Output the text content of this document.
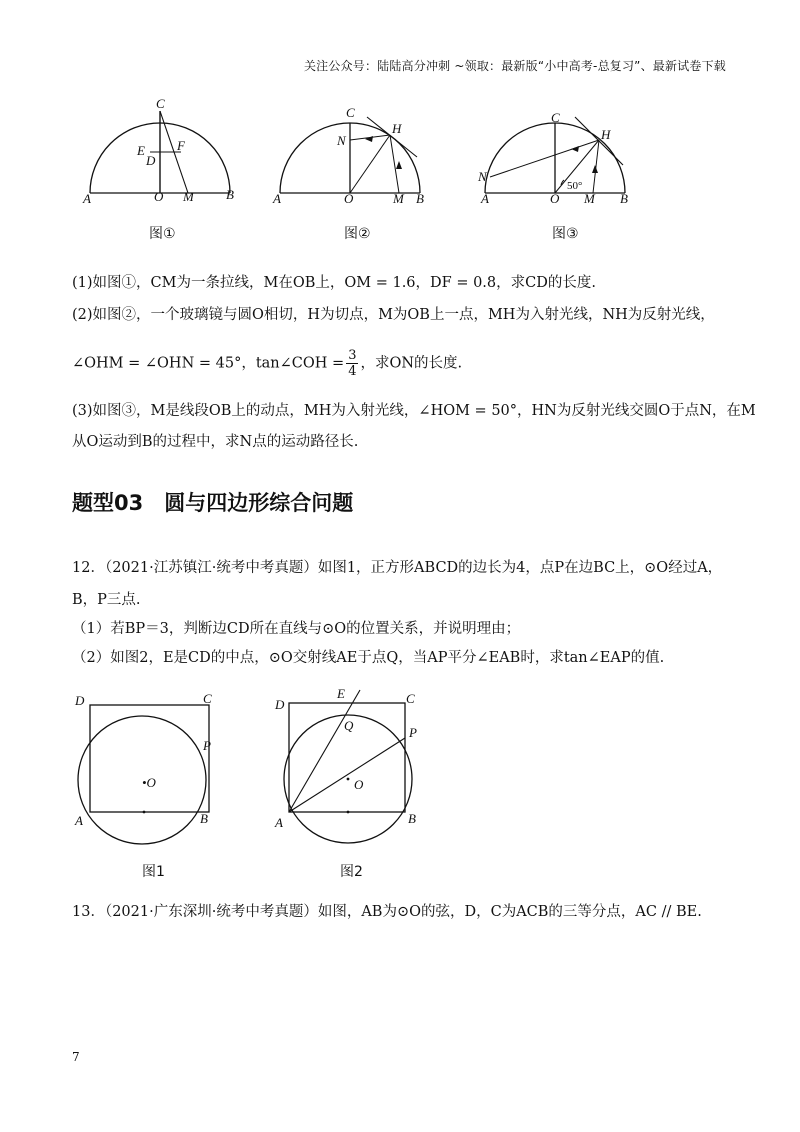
关注公众号：陆陆高分冲刺 ~领取：最新版“小中高考-总复习”、最新试卷下载
C
E
D
F
A	O M B
图①
C
N
H
A	O	M B
图②
C
H
N
50°
A	O M B
图③
(1)如图①，CM为一条拉线，M在OB上，OM = 1.6，DF = 0.8，求CD的长度.
(2)如图②，一个玻璃镜与圆O相切，H为切点，M为OB上一点，MH为入射光线，NH为反射光线，
∠OHM = ∠OHN = 45°，tan∠COH = $\frac{3}{4}$ ，求ON的长度.
(3)如图③，M是线段OB上的动点，MH为入射光线，∠HOM = 50°，HN为反射光线交圆O于点N，在M
从O运动到B的过程中，求N点的运动路径长.
题型03　圆与四边形综合问题
12．（2021·江苏镇江·统考中考真题）如图1，正方形ABCD的边长为4，点P在边BC上，⊙O经过A，
B，P三点.
（1）若BP＝3，判断边CD所在直线与⊙O的位置关系，并说明理由；
（2）如图2，E是CD的中点，⊙O交射线AE于点Q，当AP平分∠EAB时，求tan∠EAP的值.
D	C
P
•O
A	B
图1
E
D	C
Q	P
O
A	B
图2
13．（2021·广东深圳·统考中考真题）如图，AB为⊙O的弦，D，C为ACB的三等分点，AC // BE.
7
